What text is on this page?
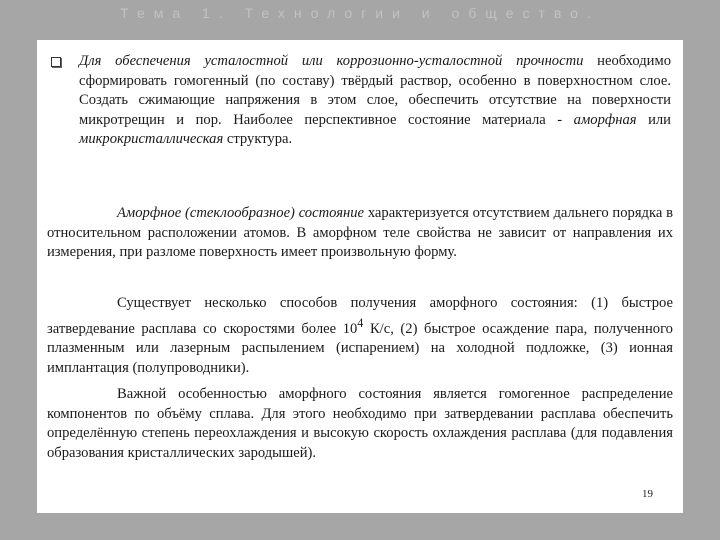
Тема 1. Технологии и общество.
Для обеспечения усталостной или коррозионно-усталостной прочности необходимо сформировать гомогенный (по составу) твёрдый раствор, особенно в поверхностном слое. Создать сжимающие напряжения в этом слое, обеспечить отсутствие на поверхности микротрещин и пор. Наиболее перспективное состояние материала - аморфная или микрокристаллическая структура.
Аморфное (стеклообразное) состояние характеризуется отсутствием дальнего порядка в относительном расположении атомов. В аморфном теле свойства не зависит от направления их измерения, при разломе поверхность имеет произвольную форму.
Существует несколько способов получения аморфного состояния: (1) быстрое затвердевание расплава со скоростями более $10^4$ К/с, (2) быстрое осаждение пара, полученного плазменным или лазерным распылением (испарением) на холодной подложке, (3) ионная имплантация (полупроводники).
Важной особенностью аморфного состояния является гомогенное распределение компонентов по объёму сплава. Для этого необходимо при затвердевании расплава обеспечить определённую степень переохлаждения и высокую скорость охлаждения расплава (для подавления образования кристаллических зародышей).
19
